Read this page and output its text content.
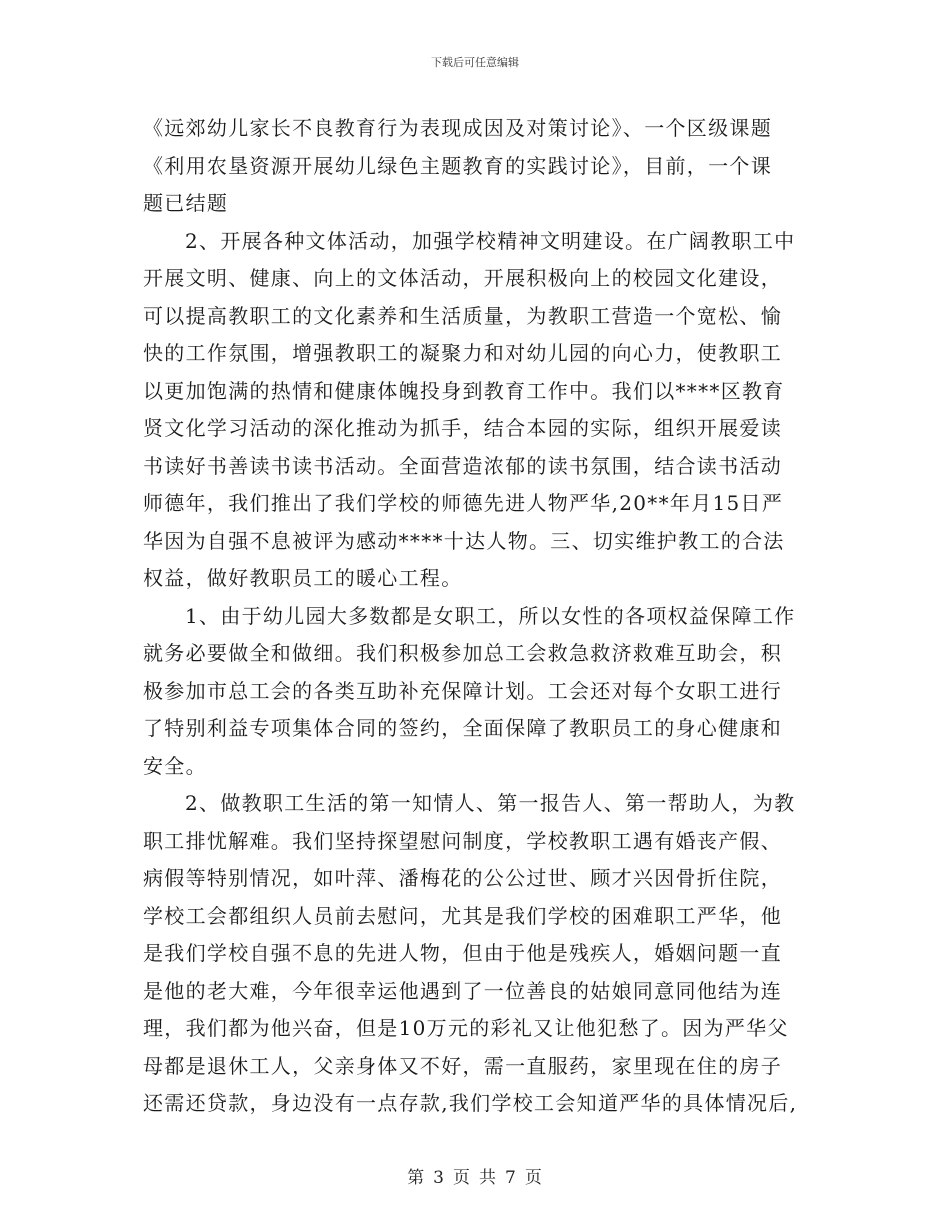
下载后可任意编辑
《远郊幼儿家长不良教育行为表现成因及对策讨论》、一个区级课题
《利用农垦资源开展幼儿绿色主题教育的实践讨论》，目前，一个课
题已结题
2、开展各种文体活动，加强学校精神文明建设。在广阔教职工中
开展文明、健康、向上的文体活动，开展积极向上的校园文化建设，
可以提高教职工的文化素养和生活质量，为教职工营造一个宽松、愉
快的工作氛围，增强教职工的凝聚力和对幼儿园的向心力，使教职工
以更加饱满的热情和健康体魄投身到教育工作中。我们以****区教育
贤文化学习活动的深化推动为抓手，结合本园的实际，组织开展爱读
书读好书善读书读书活动。全面营造浓郁的读书氛围，结合读书活动
师德年，我们推出了我们学校的师德先进人物严华,20**年月15日严
华因为自强不息被评为感动****十达人物。三、切实维护教工的合法
权益，做好教职员工的暖心工程。
1、由于幼儿园大多数都是女职工，所以女性的各项权益保障工作
就务必要做全和做细。我们积极参加总工会救急救济救难互助会，积
极参加市总工会的各类互助补充保障计划。工会还对每个女职工进行
了特别利益专项集体合同的签约，全面保障了教职员工的身心健康和
安全。
2、做教职工生活的第一知情人、第一报告人、第一帮助人，为教
职工排忧解难。我们坚持探望慰问制度，学校教职工遇有婚丧产假、
病假等特别情况，如叶萍、潘梅花的公公过世、顾才兴因骨折住院，
学校工会都组织人员前去慰问，尤其是我们学校的困难职工严华，他
是我们学校自强不息的先进人物，但由于他是残疾人，婚姻问题一直
是他的老大难，今年很幸运他遇到了一位善良的姑娘同意同他结为连
理，我们都为他兴奋，但是10万元的彩礼又让他犯愁了。因为严华父
母都是退休工人，父亲身体又不好，需一直服药，家里现在住的房子
还需还贷款，身边没有一点存款,我们学校工会知道严华的具体情况后,
第 3 页 共 7 页
